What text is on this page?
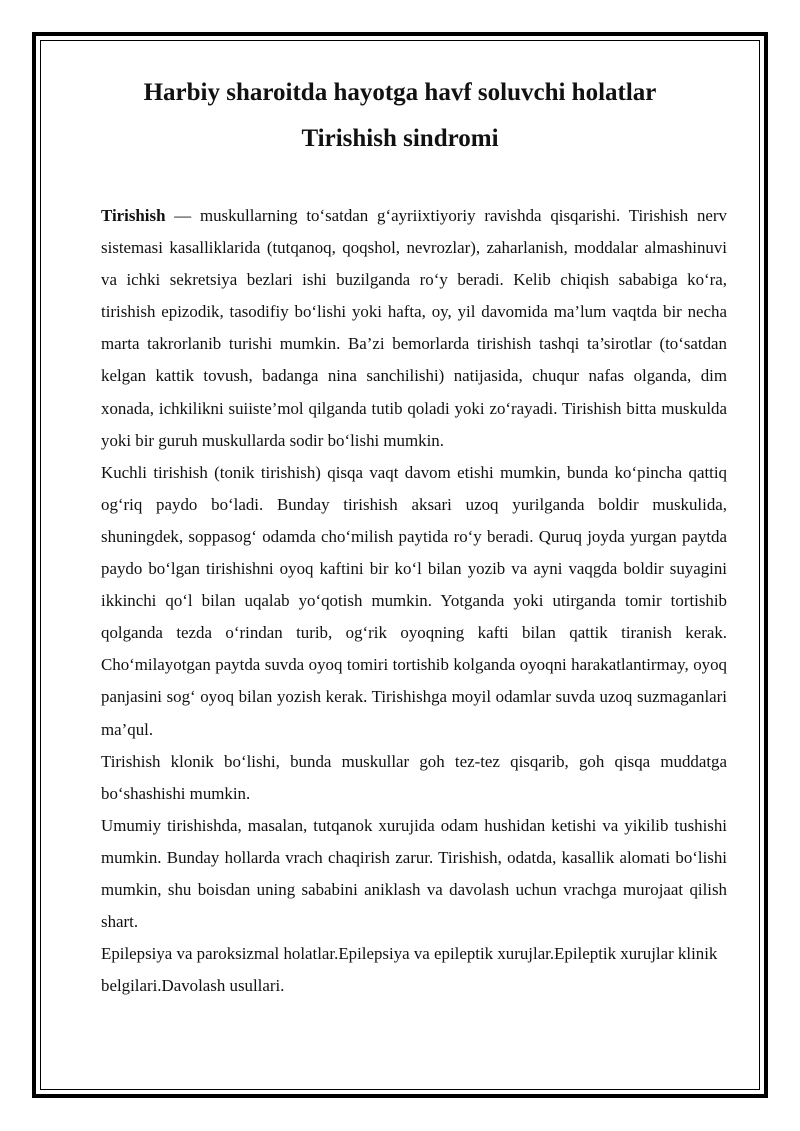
Harbiy sharoitda hayotga havf soluvchi holatlar
Tirishish sindromi

Tirishish — muskullarning to‘satdan g‘ayriixtiyoriy ravishda qisqarishi. Tirishish nerv sistemasi kasalliklarida (tutqanoq, qoqshol, nevrozlar), zaharlanish, moddalar almashinuvi va ichki sekretsiya bezlari ishi buzilganda ro‘y beradi. Kelib chiqish sababiga ko‘ra, tirishish epizodik, tasodifiy bo‘lishi yoki hafta, oy, yil davomida ma’lum vaqtda bir necha marta takrorlanib turishi mumkin. Ba’zi bemorlarda tirishish tashqi ta’sirotlar (to‘satdan kelgan kattik tovush, badanga nina sanchilishi) natijasida, chuqur nafas olganda, dim xonada, ichkilikni suiiste’mol qilganda tutib qoladi yoki zo‘rayadi. Tirishish bitta muskulda yoki bir guruh muskullarda sodir bo‘lishi mumkin.

Kuchli tirishish (tonik tirishish) qisqa vaqt davom etishi mumkin, bunda ko‘pincha qattiq og‘riq paydo bo‘ladi. Bunday tirishish aksari uzoq yurilganda boldir muskulida, shuningdek, soppasog‘ odamda cho‘milish paytida ro‘y beradi. Quruq joyda yurgan paytda paydo bo‘lgan tirishishni oyoq kaftini bir ko‘l bilan yozib va ayni vaqgda boldir suyagini ikkinchi qo‘l bilan uqalab yo‘qotish mumkin. Yotganda yoki utirganda tomir tortishib qolganda tezda o‘rindan turib, og‘rik oyoqning kafti bilan qattik tiranish kerak. Cho‘milayotgan paytda suvda oyoq tomiri tortishib kolganda oyoqni harakatlantirmay, oyoq panjasini sog‘ oyoq bilan yozish kerak. Tirishishga moyil odamlar suvda uzoq suzmaganlari ma’qul.

Tirishish klonik bo‘lishi, bunda muskullar goh tez-tez qisqarib, goh qisqa muddatga bo‘shashishi mumkin.

Umumiy tirishishda, masalan, tutqanok xurujida odam hushidan ketishi va yikilib tushishi mumkin. Bunday hollarda vrach chaqirish zarur. Tirishish, odatda, kasallik alomati bo‘lishi mumkin, shu boisdan uning sababini aniklash va davolash uchun vrachga murojaat qilish shart.

Epilepsiya va paroksizmal holatlar.Epilepsiya va epileptik xurujlar.Epileptik xurujlar klinik belgilari.Davolash usullari.
